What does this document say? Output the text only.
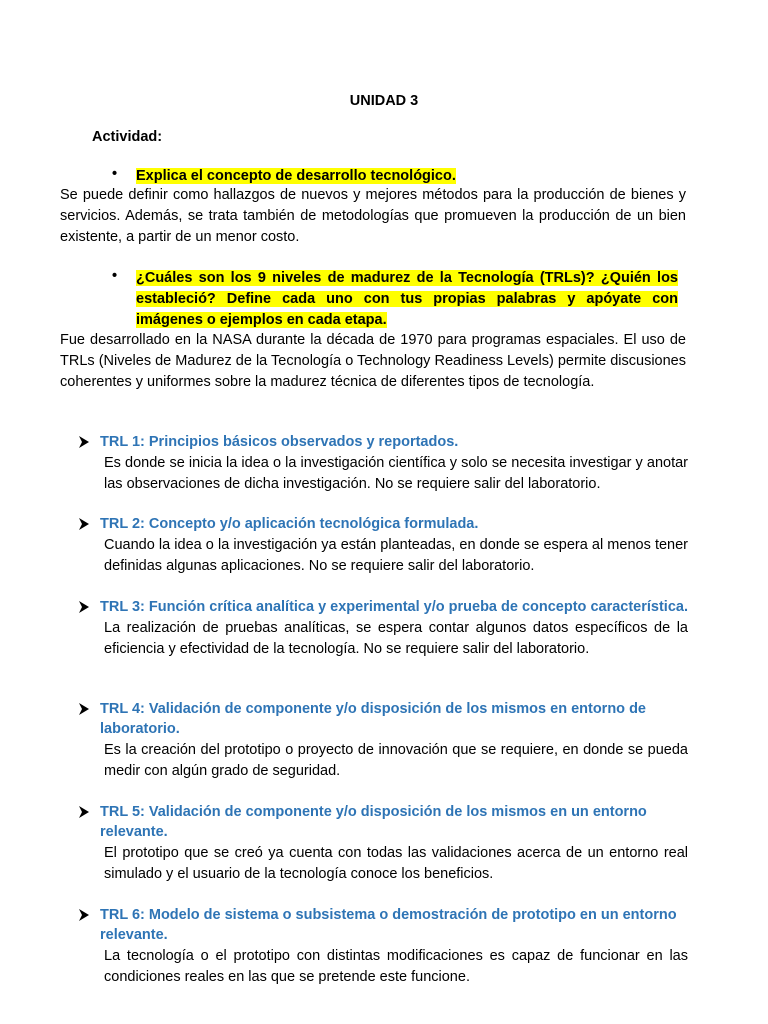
UNIDAD 3
Actividad:
• Explica el concepto de desarrollo tecnológico.
Se puede definir como hallazgos de nuevos y mejores métodos para la producción de bienes y servicios. Además, se trata también de metodologías que promueven la producción de un bien existente, a partir de un menor costo.
• ¿Cuáles son los 9 niveles de madurez de la Tecnología (TRLs)? ¿Quién los estableció? Define cada uno con tus propias palabras y apóyate con imágenes o ejemplos en cada etapa.
Fue desarrollado en la NASA durante la década de 1970 para programas espaciales. El uso de TRLs (Niveles de Madurez de la Tecnología o Technology Readiness Levels) permite discusiones coherentes y uniformes sobre la madurez técnica de diferentes tipos de tecnología.
TRL 1: Principios básicos observados y reportados.
Es donde se inicia la idea o la investigación científica y solo se necesita investigar y anotar las observaciones de dicha investigación. No se requiere salir del laboratorio.
TRL 2: Concepto y/o aplicación tecnológica formulada.
Cuando la idea o la investigación ya están planteadas, en donde se espera al menos tener definidas algunas aplicaciones. No se requiere salir del laboratorio.
TRL 3: Función crítica analítica y experimental y/o prueba de concepto característica.
La realización de pruebas analíticas, se espera contar algunos datos específicos de la eficiencia y efectividad de la tecnología. No se requiere salir del laboratorio.
TRL 4: Validación de componente y/o disposición de los mismos en entorno de laboratorio.
Es la creación del prototipo o proyecto de innovación que se requiere, en donde se pueda medir con algún grado de seguridad.
TRL 5: Validación de componente y/o disposición de los mismos en un entorno relevante.
El prototipo que se creó ya cuenta con todas las validaciones acerca de un entorno real simulado y el usuario de la tecnología conoce los beneficios.
TRL 6: Modelo de sistema o subsistema o demostración de prototipo en un entorno relevante.
La tecnología o el prototipo con distintas modificaciones es capaz de funcionar en las condiciones reales en las que se pretende este funcione.
